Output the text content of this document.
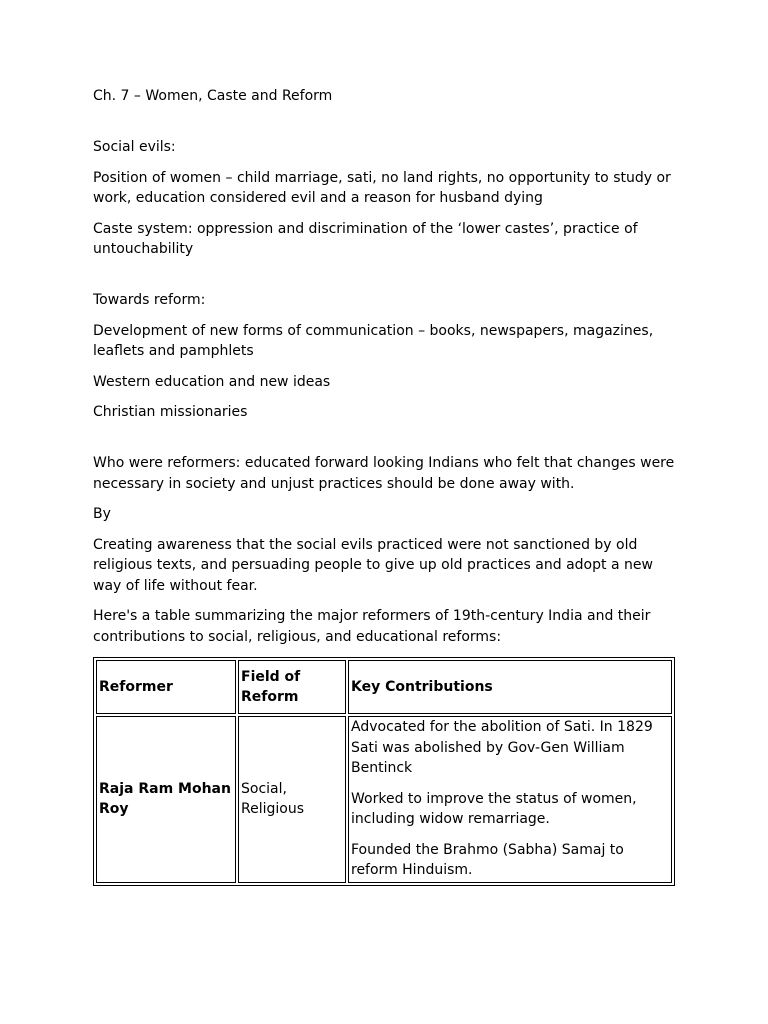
Ch. 7 – Women, Caste and Reform

Social evils:

Position of women – child marriage, sati, no land rights, no opportunity to study or work, education considered evil and a reason for husband dying

Caste system: oppression and discrimination of the ‘lower castes’, practice of untouchability

Towards reform:

Development of new forms of communication – books, newspapers, magazines, leaflets and pamphlets

Western education and new ideas

Christian missionaries

Who were reformers: educated forward looking Indians who felt that changes were necessary in society and unjust practices should be done away with.

By

Creating awareness that the social evils practiced were not sanctioned by old religious texts, and persuading people to give up old practices and adopt a new way of life without fear.

Here's a table summarizing the major reformers of 19th-century India and their contributions to social, religious, and educational reforms:

Reformer	Field of Reform	Key Contributions
Raja Ram Mohan Roy	Social, Religious	Advocated for the abolition of Sati. In 1829 Sati was abolished by Gov-Gen William Bentinck

Worked to improve the status of women, including widow remarriage.

Founded the Brahmo (Sabha) Samaj to reform Hinduism.
